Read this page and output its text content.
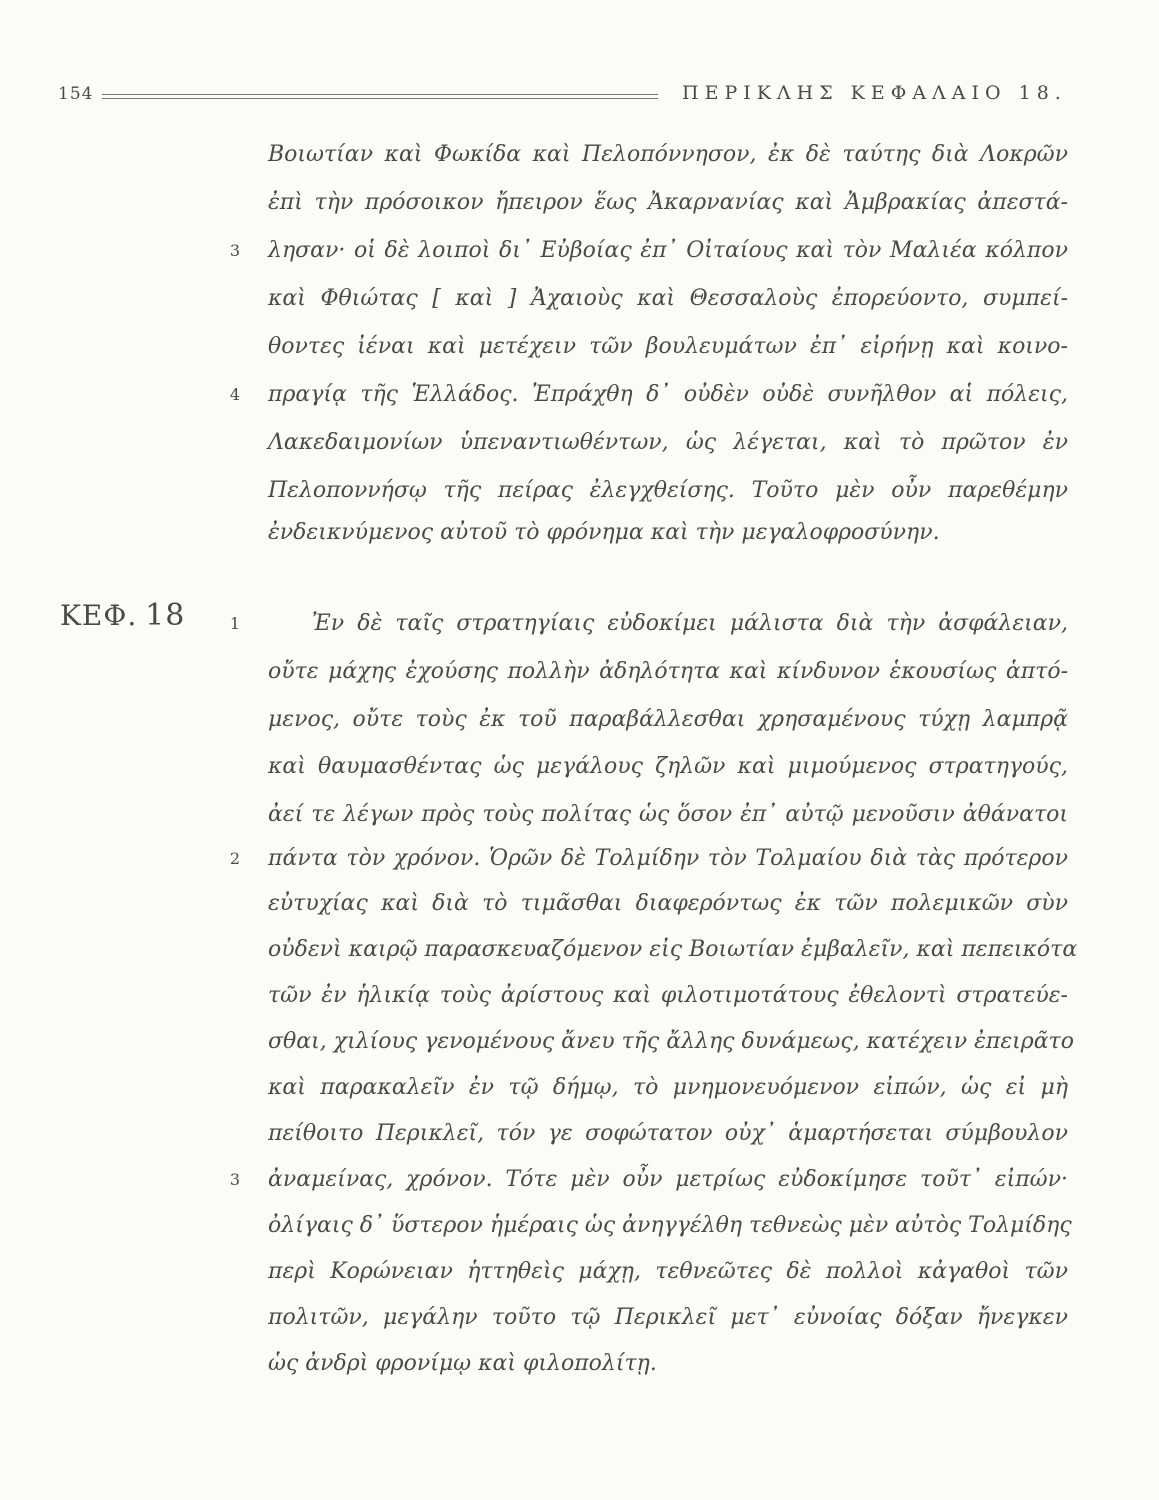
154	ΠΕΡΙΚΛΗΣ ΚΕΦΑΛΑΙΟ 18.
Βοιωτίαν καὶ Φωκίδα καὶ Πελοπόννησον, ἐκ δὲ ταύτης διὰ Λοκρῶν
ἐπὶ τὴν πρόσοικον ἤπειρον ἕως Ἀκαρνανίας καὶ Ἀμβρακίας ἀπεστά-
3 λησαν· οἱ δὲ λοιποὶ δι᾽ Εὐβοίας ἐπ᾽ Οἰταίους καὶ τὸν Μαλιέα κόλπον
καὶ Φθιώτας [ καὶ ] Ἀχαιοὺς καὶ Θεσσαλοὺς ἐπορεύοντο, συμπεί-
θοντες ἰέναι καὶ μετέχειν τῶν βουλευμάτων ἐπ᾽ εἰρήνῃ καὶ κοινο-
4 πραγίᾳ τῆς Ἑλλάδος. Ἐπράχθη δ᾽ οὐδὲν οὐδὲ συνῆλθον αἱ πόλεις,
Λακεδαιμονίων ὑπεναντιωθέντων, ὡς λέγεται, καὶ τὸ πρῶτον ἐν
Πελοποννήσῳ τῆς πείρας ἐλεγχθείσης. Τοῦτο μὲν οὖν παρεθέμην
ἐνδεικνύμενος αὐτοῦ τὸ φρόνημα καὶ τὴν μεγαλοφροσύνην.
ΚΕΦ. 18	1	Ἐν δὲ ταῖς στρατηγίαις εὐδοκίμει μάλιστα διὰ τὴν ἀσφάλειαν,
οὔτε μάχης ἐχούσης πολλὴν ἀδηλότητα καὶ κίνδυνον ἑκουσίως ἁπτό-
μενος, οὔτε τοὺς ἐκ τοῦ παραβάλλεσθαι χρησαμένους τύχῃ λαμπρᾷ
καὶ θαυμασθέντας ὡς μεγάλους ζηλῶν καὶ μιμούμενος στρατηγούς,
ἀεί τε λέγων πρὸς τοὺς πολίτας ὡς ὅσον ἐπ᾽ αὐτῷ μενοῦσιν ἀθάνατοι
2 πάντα τὸν χρόνον. Ὁρῶν δὲ Τολμίδην τὸν Τολμαίου διὰ τὰς πρότερον
εὐτυχίας καὶ διὰ τὸ τιμᾶσθαι διαφερόντως ἐκ τῶν πολεμικῶν σὺν
οὐδενὶ καιρῷ παρασκευαζόμενον εἰς Βοιωτίαν ἐμβαλεῖν, καὶ πεπεικότα
τῶν ἐν ἡλικίᾳ τοὺς ἀρίστους καὶ φιλοτιμοτάτους ἐθελοντὶ στρατεύε-
σθαι, χιλίους γενομένους ἄνευ τῆς ἄλλης δυνάμεως, κατέχειν ἐπειρᾶτο
καὶ παρακαλεῖν ἐν τῷ δήμῳ, τὸ μνημονευόμενον εἰπών, ὡς εἰ μὴ
πείθοιτο Περικλεῖ, τόν γε σοφώτατον οὐχ᾽ ἁμαρτήσεται σύμβουλον
3 ἀναμείνας, χρόνον. Τότε μὲν οὖν μετρίως εὐδοκίμησε τοῦτ᾽ εἰπών·
ὀλίγαις δ᾽ ὕστερον ἡμέραις ὡς ἀνηγγέλθη τεθνεὼς μὲν αὐτὸς Τολμίδης
περὶ Κορώνειαν ἡττηθεὶς μάχῃ, τεθνεῶτες δὲ πολλοὶ κἀγαθοὶ τῶν
πολιτῶν, μεγάλην τοῦτο τῷ Περικλεῖ μετ᾽ εὐνοίας δόξαν ἤνεγκεν
ὡς ἀνδρὶ φρονίμῳ καὶ φιλοπολίτῃ.
